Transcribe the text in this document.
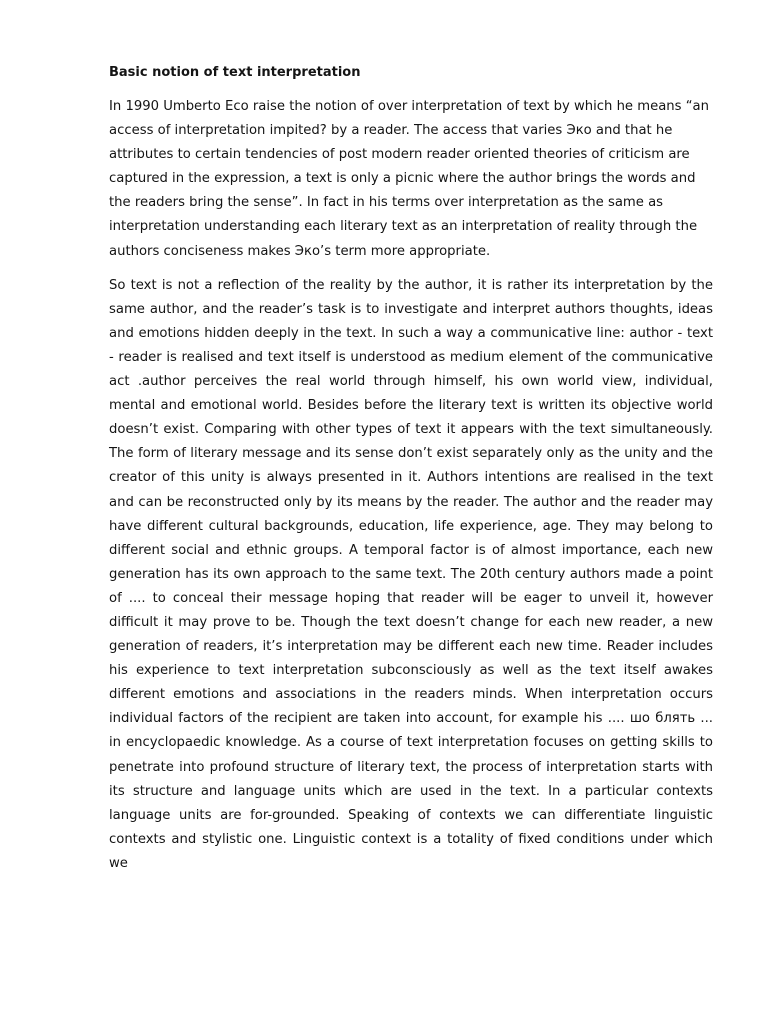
Basic notion of text interpretation

In 1990 Umberto Eco raise the notion of over interpretation of text by which he means “an access of interpretation impited? by a reader. The access that varies Эко and that he attributes to certain tendencies of post modern reader oriented theories of criticism are captured in the expression, a text is only a picnic where the author brings the words and the readers bring the sense”. In fact in his terms over interpretation as the same as interpretation understanding each literary text as an interpretation of reality through the authors conciseness makes Эко’s term more appropriate.

So text is not a reflection of the reality by the author, it is rather its interpretation by the same author, and the reader’s task is to investigate and interpret authors thoughts, ideas and emotions hidden deeply in the text. In such a way a communicative line: author - text - reader is realised and text itself is understood as medium element of the communicative act .author perceives the real world through himself, his own world view, individual, mental and emotional world. Besides before the literary text is written its objective world doesn’t exist. Comparing with other types of text it appears with the text simultaneously. The form of literary message and its sense don’t exist separately only as the unity and the creator of this unity is always presented in it. Authors intentions are realised in the text and can be reconstructed only by its means by the reader. The author and the reader may have different cultural backgrounds, education, life experience, age. They may belong to different social and ethnic groups. A temporal factor is of almost importance, each new generation has its own approach to the same text. The 20th century authors made a point of .... to conceal their message hoping that reader will be eager to unveil it, however difficult it may prove to be. Though the text doesn’t change for each new reader, a new generation of readers, it’s interpretation may be different each new time. Reader includes his experience to text interpretation subconsciously as well as the text itself awakes different emotions and associations in the readers minds. When interpretation occurs individual factors of the recipient are taken into account, for example his .... шо блять ... in encyclopaedic knowledge. As a course of text interpretation focuses on getting skills to penetrate into profound structure of literary text, the process of interpretation starts with its structure and language units which are used in the text. In a particular contexts language units are for-grounded. Speaking of contexts we can differentiate linguistic contexts and stylistic one. Linguistic context is a totality of fixed conditions under which we
